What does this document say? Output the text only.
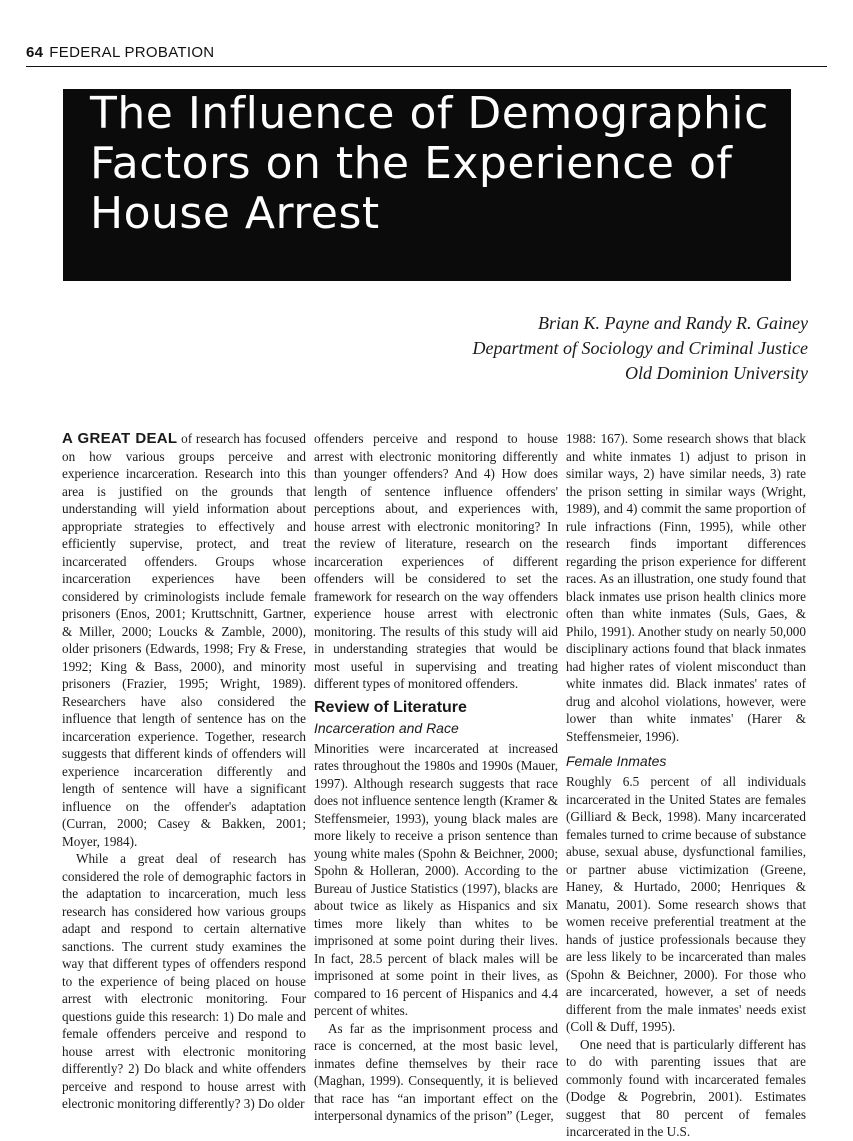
64 FEDERAL PROBATION
The Influence of Demographic
Factors on the Experience of
House Arrest
Brian K. Payne and Randy R. Gainey
Department of Sociology and Criminal Justice
Old Dominion University

A GREAT DEAL of research has focused on how various groups perceive and experience incarceration. Research into this area is justified on the grounds that understanding will yield information about appropriate strategies to effectively and efficiently supervise, protect, and treat incarcerated offenders. Groups whose incarceration experiences have been considered by criminologists include female prisoners (Enos, 2001; Kruttschnitt, Gartner, & Miller, 2000; Loucks & Zamble, 2000), older prisoners (Edwards, 1998; Fry & Frese, 1992; King & Bass, 2000), and minority prisoners (Frazier, 1995; Wright, 1989). Researchers have also considered the influence that length of sentence has on the incarceration experience. Together, research suggests that different kinds of offenders will experience incarceration differently and length of sentence will have a significant influence on the offender's adaptation (Curran, 2000; Casey & Bakken, 2001; Moyer, 1984).

While a great deal of research has considered the role of demographic factors in the adaptation to incarceration, much less research has considered how various groups adapt and respond to certain alternative sanctions. The current study examines the way that different types of offenders respond to the experience of being placed on house arrest with electronic monitoring. Four questions guide this research: 1) Do male and female offenders perceive and respond to house arrest with electronic monitoring differently? 2) Do black and white offenders perceive and respond to house arrest with electronic monitoring differently? 3) Do older

offenders perceive and respond to house arrest with electronic monitoring differently than younger offenders? And 4) How does length of sentence influence offenders' perceptions about, and experiences with, house arrest with electronic monitoring? In the review of literature, research on the incarceration experiences of different offenders will be considered to set the framework for research on the way offenders experience house arrest with electronic monitoring. The results of this study will aid in understanding strategies that would be most useful in supervising and treating different types of monitored offenders.

Review of Literature
Incarceration and Race

Minorities were incarcerated at increased rates throughout the 1980s and 1990s (Mauer, 1997). Although research suggests that race does not influence sentence length (Kramer & Steffensmeier, 1993), young black males are more likely to receive a prison sentence than young white males (Spohn & Beichner, 2000; Spohn & Holleran, 2000). According to the Bureau of Justice Statistics (1997), blacks are about twice as likely as Hispanics and six times more likely than whites to be imprisoned at some point during their lives. In fact, 28.5 percent of black males will be imprisoned at some point in their lives, as compared to 16 percent of Hispanics and 4.4 percent of whites.

As far as the imprisonment process and race is concerned, at the most basic level, inmates define themselves by their race (Maghan, 1999). Consequently, it is believed that race has “an important effect on the interpersonal dynamics of the prison” (Leger,

1988: 167). Some research shows that black and white inmates 1) adjust to prison in similar ways, 2) have similar needs, 3) rate the prison setting in similar ways (Wright, 1989), and 4) commit the same proportion of rule infractions (Finn, 1995), while other research finds important differences regarding the prison experience for different races. As an illustration, one study found that black inmates use prison health clinics more often than white inmates (Suls, Gaes, & Philo, 1991). Another study on nearly 50,000 disciplinary actions found that black inmates had higher rates of violent misconduct than white inmates did. Black inmates' rates of drug and alcohol violations, however, were lower than white inmates' (Harer & Steffensmeier, 1996).

Female Inmates

Roughly 6.5 percent of all individuals incarcerated in the United States are females (Gilliard & Beck, 1998). Many incarcerated females turned to crime because of substance abuse, sexual abuse, dysfunctional families, or partner abuse victimization (Greene, Haney, & Hurtado, 2000; Henriques & Manatu, 2001). Some research shows that women receive preferential treatment at the hands of justice professionals because they are less likely to be incarcerated than males (Spohn & Beichner, 2000). For those who are incarcerated, however, a set of needs different from the male inmates' needs exist (Coll & Duff, 1995).

One need that is particularly different has to do with parenting issues that are commonly found with incarcerated females (Dodge & Pogrebrin, 2001). Estimates suggest that 80 percent of females incarcerated in the U.S.
